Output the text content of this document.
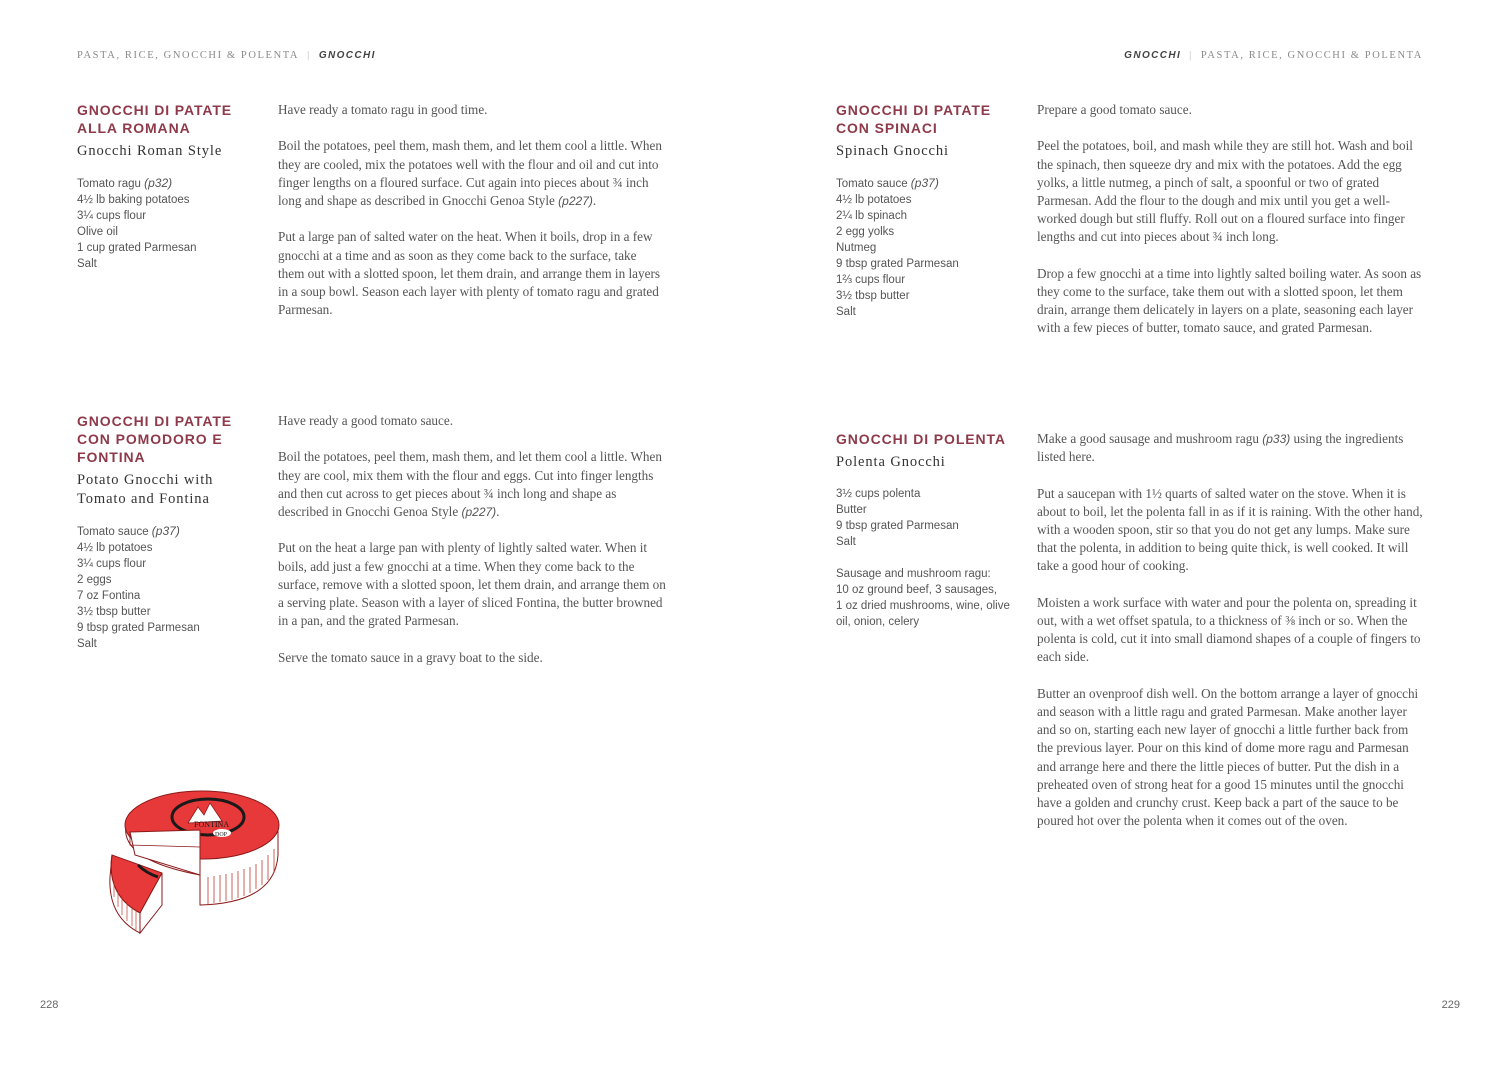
PASTA, RICE, GNOCCHI & POLENTA | GNOCCHI	GNOCCHI | PASTA, RICE, GNOCCHI & POLENTA
GNOCCHI DI PATATE ALLA ROMANA
Gnocchi Roman Style
Tomato ragu (p32)
4½ lb baking potatoes
3¼ cups flour
Olive oil
1 cup grated Parmesan
Salt

Have ready a tomato ragu in good time.

Boil the potatoes, peel them, mash them, and let them cool a little. When they are cooled, mix the potatoes well with the flour and oil and cut into finger lengths on a floured surface. Cut again into pieces about ¾ inch long and shape as described in Gnocchi Genoa Style (p227).

Put a large pan of salted water on the heat. When it boils, drop in a few gnocchi at a time and as soon as they come back to the surface, take them out with a slotted spoon, let them drain, and arrange them in layers in a soup bowl. Season each layer with plenty of tomato ragu and grated Parmesan.

GNOCCHI DI PATATE CON POMODORO E FONTINA
Potato Gnocchi with Tomato and Fontina
Tomato sauce (p37)
4½ lb potatoes
3¼ cups flour
2 eggs
7 oz Fontina
3½ tbsp butter
9 tbsp grated Parmesan
Salt

Have ready a good tomato sauce.

Boil the potatoes, peel them, mash them, and let them cool a little. When they are cool, mix them with the flour and eggs. Cut into finger lengths and then cut across to get pieces about ¾ inch long and shape as described in Gnocchi Genoa Style (p227).

Put on the heat a large pan with plenty of lightly salted water. When it boils, add just a few gnocchi at a time. When they come back to the surface, remove with a slotted spoon, let them drain, and arrange them on a serving plate. Season with a layer of sliced Fontina, the butter browned in a pan, and the grated Parmesan.

Serve the tomato sauce in a gravy boat to the side.

GNOCCHI DI PATATE CON SPINACI
Spinach Gnocchi
Tomato sauce (p37)
4½ lb potatoes
2¼ lb spinach
2 egg yolks
Nutmeg
9 tbsp grated Parmesan
1⅔ cups flour
3½ tbsp butter
Salt

Prepare a good tomato sauce.

Peel the potatoes, boil, and mash while they are still hot. Wash and boil the spinach, then squeeze dry and mix with the potatoes. Add the egg yolks, a little nutmeg, a pinch of salt, a spoonful or two of grated Parmesan. Add the flour to the dough and mix until you get a well-worked dough but still fluffy. Roll out on a floured surface into finger lengths and cut into pieces about ¾ inch long.

Drop a few gnocchi at a time into lightly salted boiling water. As soon as they come to the surface, take them out with a slotted spoon, let them drain, arrange them delicately in layers on a plate, seasoning each layer with a few pieces of butter, tomato sauce, and grated Parmesan.

GNOCCHI DI POLENTA
Polenta Gnocchi
3½ cups polenta
Butter
9 tbsp grated Parmesan
Salt
Sausage and mushroom ragu:
10 oz ground beef, 3 sausages,
1 oz dried mushrooms, wine, olive
oil, onion, celery

Make a good sausage and mushroom ragu (p33) using the ingredients listed here.

Put a saucepan with 1½ quarts of salted water on the stove. When it is about to boil, let the polenta fall in as if it is raining. With the other hand, with a wooden spoon, stir so that you do not get any lumps. Make sure that the polenta, in addition to being quite thick, is well cooked. It will take a good hour of cooking.

Moisten a work surface with water and pour the polenta on, spreading it out, with a wet offset spatula, to a thickness of ⅜ inch or so. When the polenta is cold, cut it into small diamond shapes of a couple of fingers to each side.

Butter an ovenproof dish well. On the bottom arrange a layer of gnocchi and season with a little ragu and grated Parmesan. Make another layer and so on, starting each new layer of gnocchi a little further back from the previous layer. Pour on this kind of dome more ragu and Parmesan and arrange here and there the little pieces of butter. Put the dish in a preheated oven of strong heat for a good 15 minutes until the gnocchi have a golden and crunchy crust. Keep back a part of the sauce to be poured hot over the polenta when it comes out of the oven.

FONTINA
DOP
228	229
